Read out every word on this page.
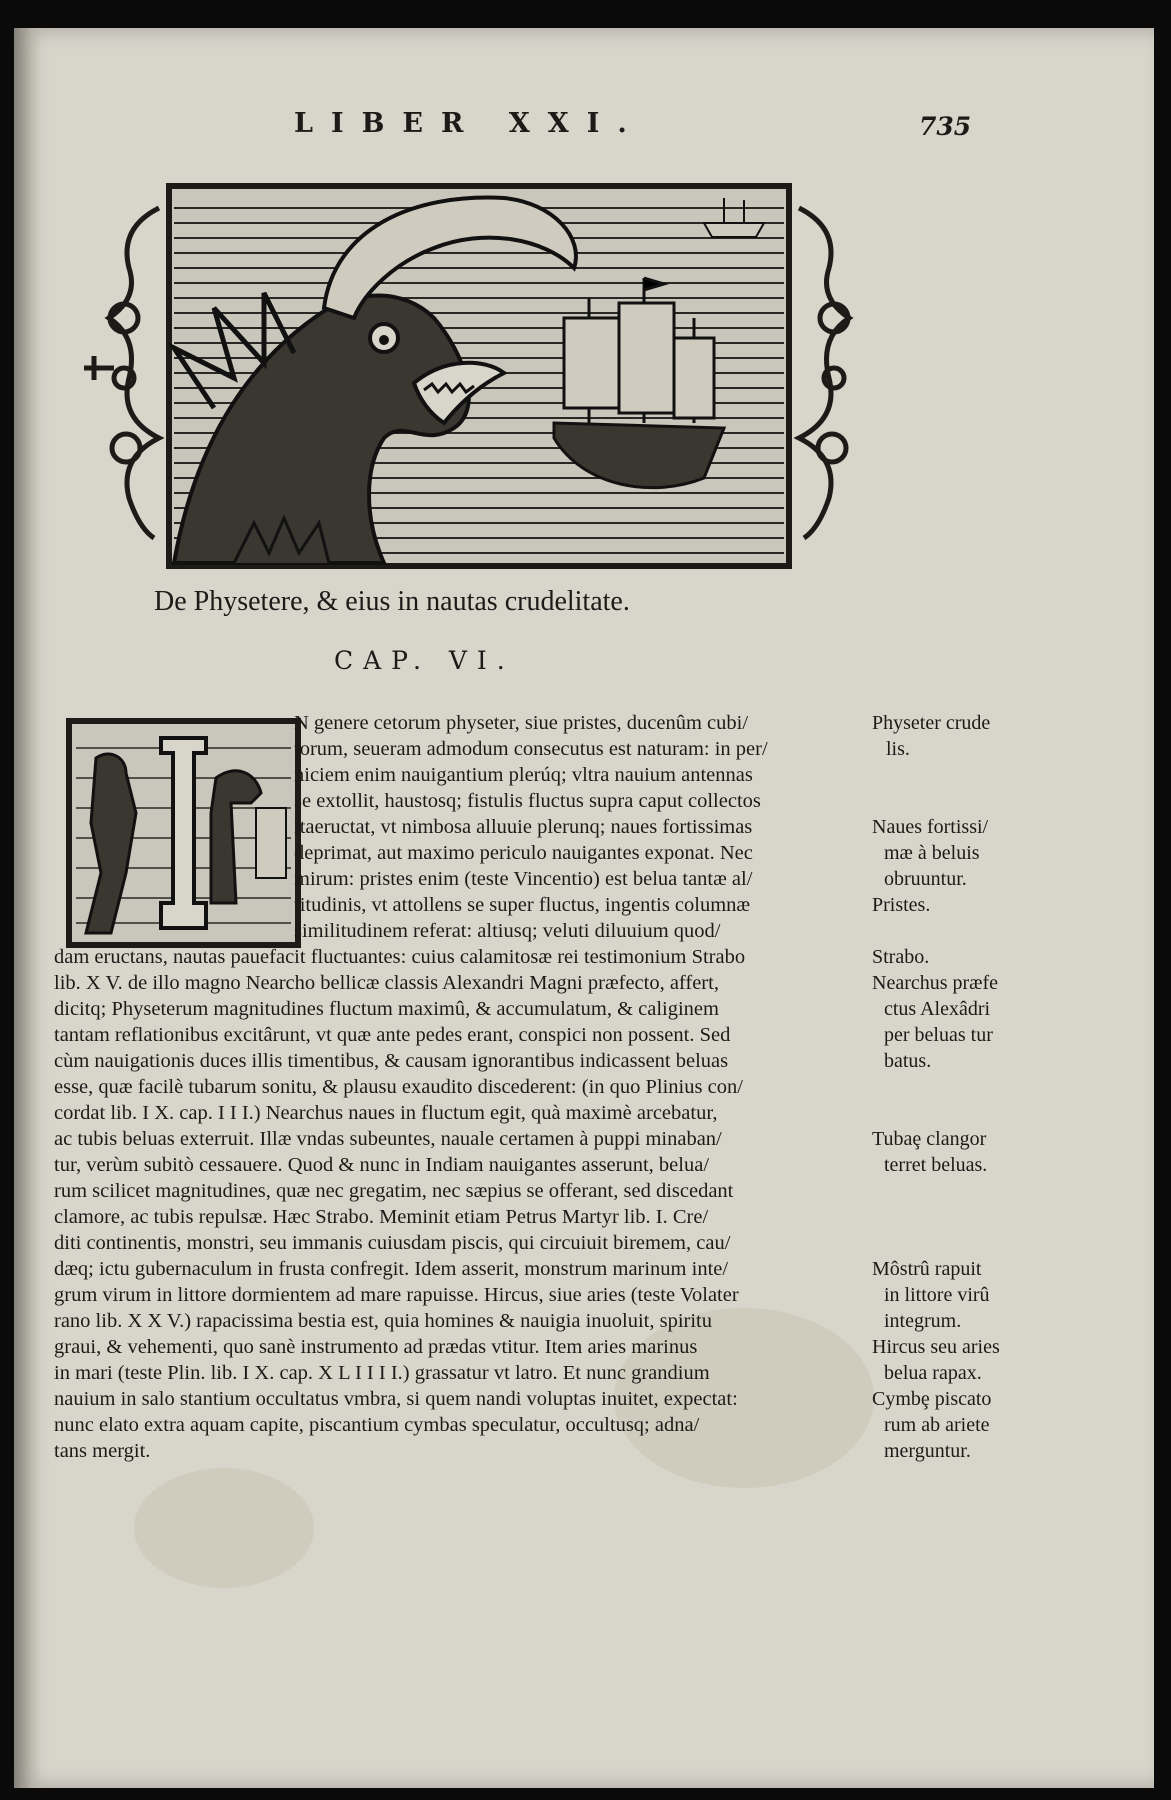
LIBER XXI.	735
De Physetere, & eius in nautas crudelitate.
CAP. VI.
N genere cetorum physeter, siue pristes, ducenûm cubi/
torum, seueram admodum consecutus est naturam: in per/
niciem enim nauigantium plerúq; vltra nauium antennas
se extollit, haustosq; fistulis fluctus supra caput collectos
itaeructat, vt nimbosa alluuie plerunq; naues fortissimas
deprimat, aut maximo periculo nauigantes exponat. Nec
mirum: pristes enim (teste Vincentio) est belua tantæ al/
titudinis, vt attollens se super fluctus, ingentis columnæ
similitudinem referat: altiusq; veluti diluuium quod/
dam eructans, nautas pauefacit fluctuantes: cuius calamitosæ rei testimonium Strabo
lib. X V. de illo magno Nearcho bellicæ classis Alexandri Magni præfecto, affert,
dicitq; Physeterum magnitudines fluctum maximû, & accumulatum, & caliginem
tantam reflationibus excitârunt, vt quæ ante pedes erant, conspici non possent. Sed
cùm nauigationis duces illis timentibus, & causam ignorantibus indicassent beluas
esse, quæ facilè tubarum sonitu, & plausu exaudito discederent: (in quo Plinius con/
cordat lib. I X. cap. I I I.) Nearchus naues in fluctum egit, quà maximè arcebatur,
ac tubis beluas exterruit. Illæ vndas subeuntes, nauale certamen à puppi minaban/
tur, verùm subitò cessauere. Quod & nunc in Indiam nauigantes asserunt, belua/
rum scilicet magnitudines, quæ nec gregatim, nec sæpius se offerant, sed discedant
clamore, ac tubis repulsæ. Hæc Strabo. Meminit etiam Petrus Martyr lib. I. Cre/
diti continentis, monstri, seu immanis cuiusdam piscis, qui circuiuit biremem, cau/
dæq; ictu gubernaculum in frusta confregit. Idem asserit, monstrum marinum inte/
grum virum in littore dormientem ad mare rapuisse. Hircus, siue aries (teste Volater
rano lib. X X V.) rapacissima bestia est, quia homines & nauigia inuoluit, spiritu
graui, & vehementi, quo sanè instrumento ad prædas vtitur. Item aries marinus
in mari (teste Plin. lib. I X. cap. X L I I I I.) grassatur vt latro. Et nunc grandium
nauium in salo stantium occultatus vmbra, si quem nandi voluptas inuitet, expectat:
nunc elato extra aquam capite, piscantium cymbas speculatur, occultusq; adna/
tans mergit.
Physeter crude
lis.
Naues fortissi/
mæ à beluis
obruuntur.
Pristes.
Strabo.
Nearchus præfe
ctus Alexâdri
per beluas tur
batus.
Tubaȩ clangor
terret beluas.
Môstrû rapuit
in littore virû
integrum.
Hircus seu aries
belua rapax.
Cymbȩ piscato
rum ab ariete
merguntur.
